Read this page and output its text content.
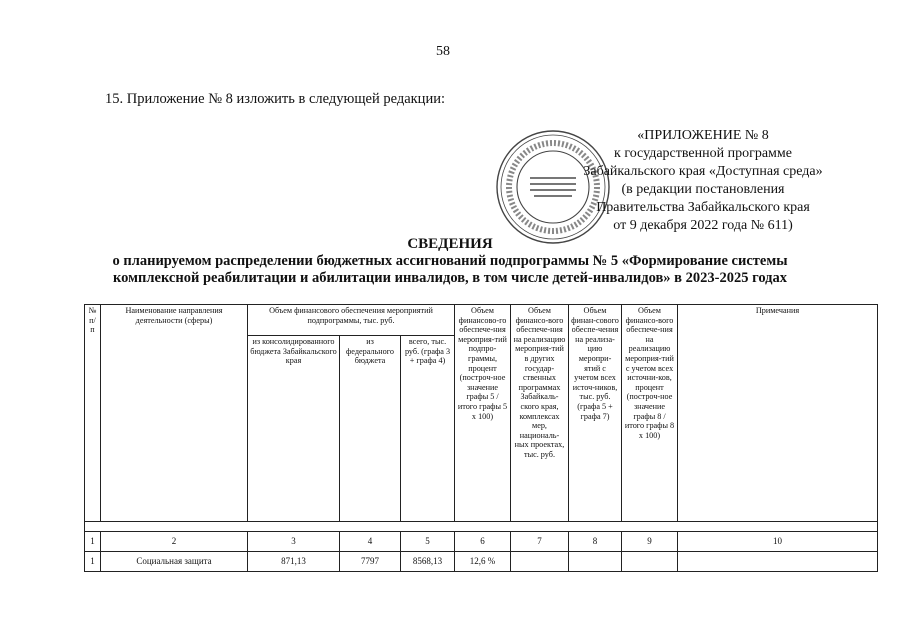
58
15. Приложение № 8 изложить в следующей редакции:
«ПРИЛОЖЕНИЕ № 8
к государственной программе
Забайкальского края «Доступная среда»
(в редакции постановления
Правительства Забайкальского края
от 9 декабря 2022 года № 611)
СВЕДЕНИЯ
о планируемом распределении бюджетных ассигнований подпрограммы № 5 «Формирование системы
комплексной реабилитации и абилитации инвалидов, в том числе детей-инвалидов» в 2023-2025 годах
№ п/ п	Наименование направления деятельности (сферы)	Объем финансового обеспечения мероприятий подпрограммы, тыс. руб.			Объем финансово-го обеспече-ния мероприя-тий подпро-граммы, процент (построч-ное значение графы 5 / итого графы 5 х 100)	Объем финансо-вого обеспече-ния на реализацию мероприя-тий в других государ-ственных программах Забайкаль-ского края, комплексах мер, националь-ных проектах, тыс. руб.	Объем финан-сового обеспе-чения на реализа-цию меропри-ятий с учетом всех источ-ников, тыс. руб. (графа 5 + графа 7)	Объем финансо-вого обеспече-ния на реализацию мероприя-тий с учетом всех источни-ков, процент (построч-ное значение графы 8 / итого графы 8 х 100)	Примечания
		из консолидированного бюджета Забайкальского края	из федерального бюджета	всего, тыс. руб. (графа 3 + графа 4)					

1	2	3	4	5	6	7	8	9	10
1	Социальная защита	871,13	7797	8568,13	12,6 %				
